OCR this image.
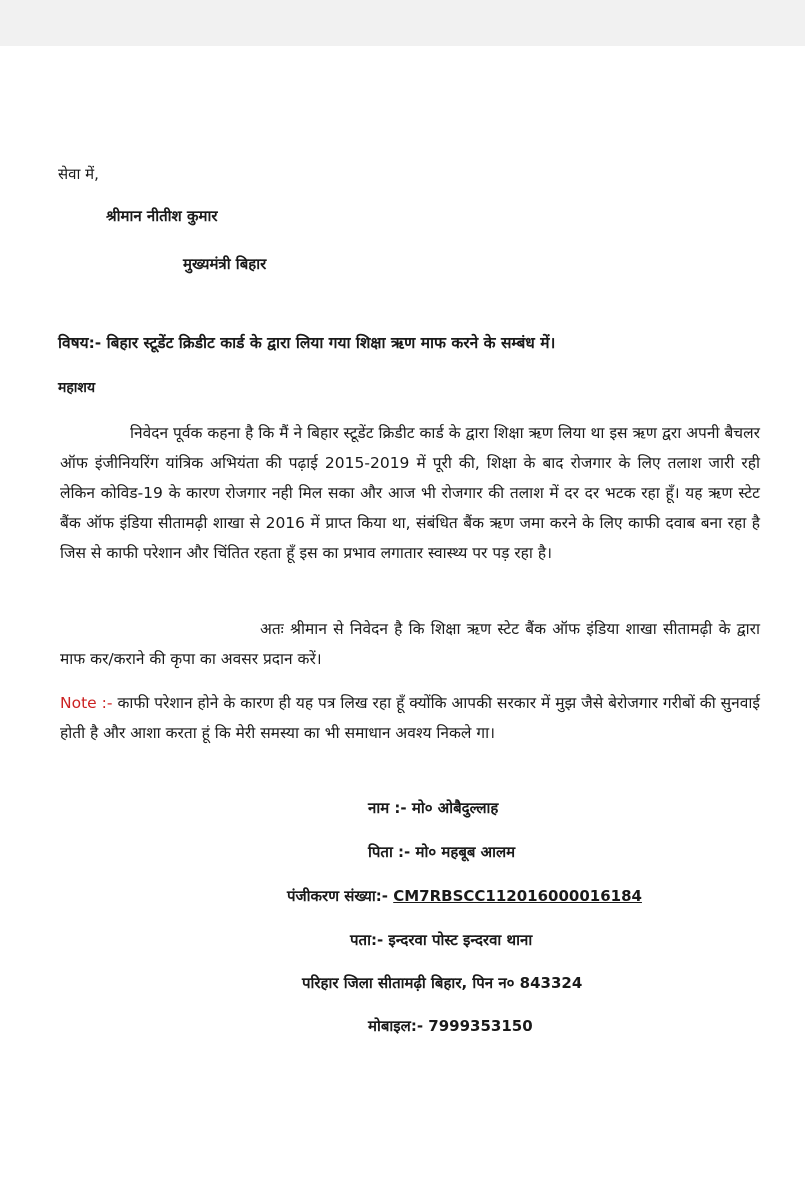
सेवा में,
श्रीमान नीतीश कुमार
मुख्यमंत्री बिहार
विषय:- बिहार स्टूडेंट क्रिडीट कार्ड के द्वारा लिया गया शिक्षा ऋण माफ करने के सम्बंध में।
महाशय
निवेदन पूर्वक कहना है कि मैं ने बिहार स्टूडेंट क्रिडीट कार्ड के द्वारा शिक्षा ऋण लिया था इस ऋण द्वरा अपनी बैचलर ऑफ इंजीनियरिंग यांत्रिक अभियंता की पढ़ाई 2015-2019 में पूरी की, शिक्षा के बाद रोजगार के लिए तलाश जारी रही लेकिन कोविड-19 के कारण रोजगार नही मिल सका और आज भी रोजगार की तलाश में दर दर भटक रहा हूँ। यह ऋण स्टेट बैंक ऑफ इंडिया सीतामढ़ी शाखा से 2016 में प्राप्त किया था, संबंधित बैंक ऋण जमा करने के लिए काफी दवाब बना रहा है जिस से काफी परेशान और चिंतित रहता हूँ इस का प्रभाव लगातार स्वास्थ्य पर पड़ रहा है।
अतः श्रीमान से निवेदन है कि शिक्षा ऋण स्टेट बैंक ऑफ इंडिया शाखा सीतामढ़ी के द्वारा माफ कर/कराने की कृपा का अवसर प्रदान करें।
Note :- काफी परेशान होने के कारण ही यह पत्र लिख रहा हूँ क्योंकि आपकी सरकार में मुझ जैसे बेरोजगार गरीबों की सुनवाई होती है और आशा करता हूं कि मेरी समस्या का भी समाधान अवश्य निकले गा।
नाम :- मो० ओबैदुल्लाह
पिता :- मो० महबूब आलम
पंजीकरण संख्या:- CM7RBSCC112016000016184
पता:- इन्दरवा पोस्ट इन्दरवा थाना
परिहार जिला सीतामढ़ी बिहार, पिन न० 843324
मोबाइल:- 7999353150
